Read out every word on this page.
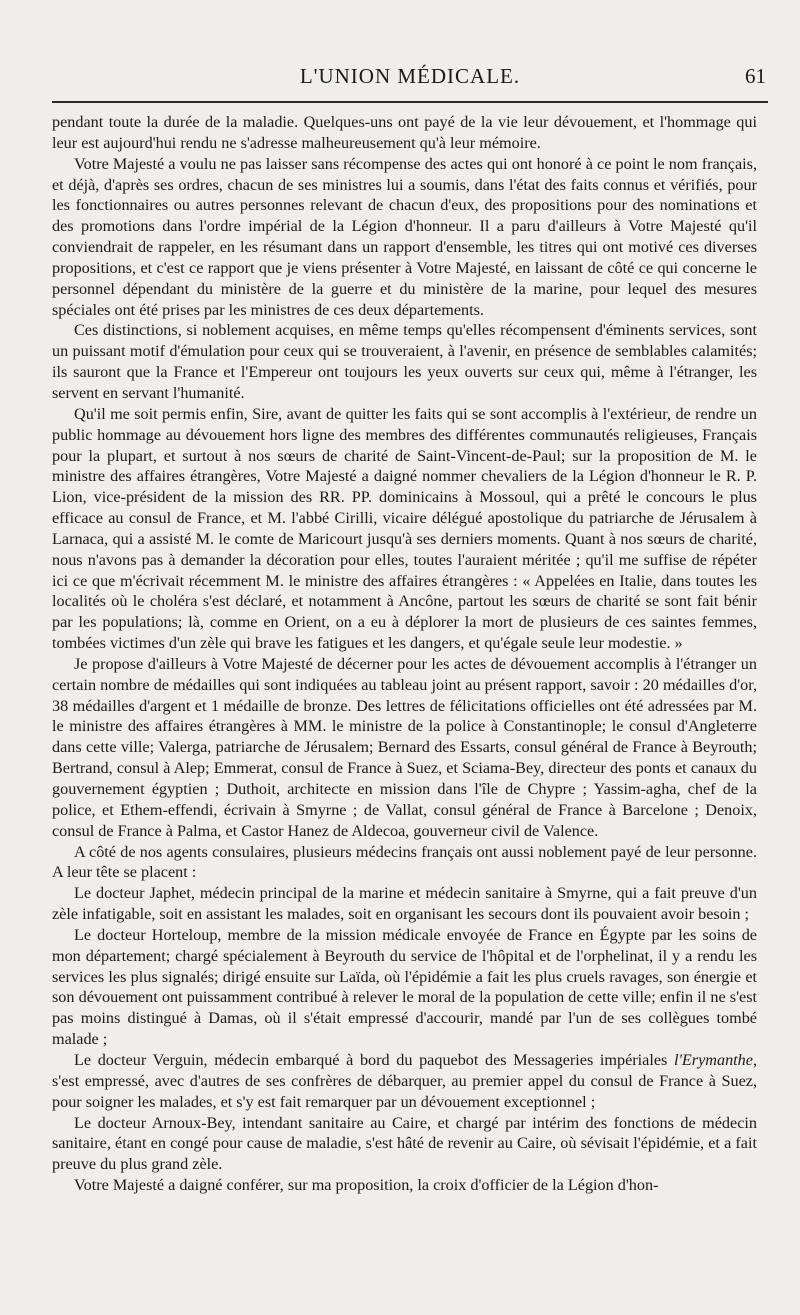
L'UNION MÉDICALE.	61

pendant toute la durée de la maladie. Quelques-uns ont payé de la vie leur dévouement, et l'hommage qui leur est aujourd'hui rendu ne s'adresse malheureusement qu'à leur mémoire.

Votre Majesté a voulu ne pas laisser sans récompense des actes qui ont honoré à ce point le nom français, et déjà, d'après ses ordres, chacun de ses ministres lui a soumis, dans l'état des faits connus et vérifiés, pour les fonctionnaires ou autres personnes relevant de chacun d'eux, des propositions pour des nominations et des promotions dans l'ordre impérial de la Légion d'honneur. Il a paru d'ailleurs à Votre Majesté qu'il conviendrait de rappeler, en les résumant dans un rapport d'ensemble, les titres qui ont motivé ces diverses propositions, et c'est ce rapport que je viens présenter à Votre Majesté, en laissant de côté ce qui concerne le personnel dépendant du ministère de la guerre et du ministère de la marine, pour lequel des mesures spéciales ont été prises par les ministres de ces deux départements.

Ces distinctions, si noblement acquises, en même temps qu'elles récompensent d'éminents services, sont un puissant motif d'émulation pour ceux qui se trouveraient, à l'avenir, en présence de semblables calamités; ils sauront que la France et l'Empereur ont toujours les yeux ouverts sur ceux qui, même à l'étranger, les servent en servant l'humanité.

Qu'il me soit permis enfin, Sire, avant de quitter les faits qui se sont accomplis à l'extérieur, de rendre un public hommage au dévouement hors ligne des membres des différentes communautés religieuses, Français pour la plupart, et surtout à nos sœurs de charité de Saint-Vincent-de-Paul; sur la proposition de M. le ministre des affaires étrangères, Votre Majesté a daigné nommer chevaliers de la Légion d'honneur le R. P. Lion, vice-président de la mission des RR. PP. dominicains à Mossoul, qui a prêté le concours le plus efficace au consul de France, et M. l'abbé Cirilli, vicaire délégué apostolique du patriarche de Jérusalem à Larnaca, qui a assisté M. le comte de Maricourt jusqu'à ses derniers moments. Quant à nos sœurs de charité, nous n'avons pas à demander la décoration pour elles, toutes l'auraient méritée ; qu'il me suffise de répéter ici ce que m'écrivait récemment M. le ministre des affaires étrangères : « Appelées en Italie, dans toutes les localités où le choléra s'est déclaré, et notamment à Ancône, partout les sœurs de charité se sont fait bénir par les populations; là, comme en Orient, on a eu à déplorer la mort de plusieurs de ces saintes femmes, tombées victimes d'un zèle qui brave les fatigues et les dangers, et qu'égale seule leur modestie. »

Je propose d'ailleurs à Votre Majesté de décerner pour les actes de dévouement accomplis à l'étranger un certain nombre de médailles qui sont indiquées au tableau joint au présent rapport, savoir : 20 médailles d'or, 38 médailles d'argent et 1 médaille de bronze. Des lettres de félicitations officielles ont été adressées par M. le ministre des affaires étrangères à MM. le ministre de la police à Constantinople; le consul d'Angleterre dans cette ville; Valerga, patriarche de Jérusalem; Bernard des Essarts, consul général de France à Beyrouth; Bertrand, consul à Alep; Emmerat, consul de France à Suez, et Sciama-Bey, directeur des ponts et canaux du gouvernement égyptien ; Duthoit, architecte en mission dans l'île de Chypre ; Yassim-agha, chef de la police, et Ethem-effendi, écrivain à Smyrne ; de Vallat, consul général de France à Barcelone ; Denoix, consul de France à Palma, et Castor Hanez de Aldecoa, gouverneur civil de Valence.

A côté de nos agents consulaires, plusieurs médecins français ont aussi noblement payé de leur personne. A leur tête se placent :

Le docteur Japhet, médecin principal de la marine et médecin sanitaire à Smyrne, qui a fait preuve d'un zèle infatigable, soit en assistant les malades, soit en organisant les secours dont ils pouvaient avoir besoin ;

Le docteur Horteloup, membre de la mission médicale envoyée de France en Égypte par les soins de mon département; chargé spécialement à Beyrouth du service de l'hôpital et de l'orphelinat, il y a rendu les services les plus signalés; dirigé ensuite sur Laïda, où l'épidémie a fait les plus cruels ravages, son énergie et son dévouement ont puissamment contribué à relever le moral de la population de cette ville; enfin il ne s'est pas moins distingué à Damas, où il s'était empressé d'accourir, mandé par l'un de ses collègues tombé malade ;

Le docteur Verguin, médecin embarqué à bord du paquebot des Messageries impériales l'Erymanthe, s'est empressé, avec d'autres de ses confrères de débarquer, au premier appel du consul de France à Suez, pour soigner les malades, et s'y est fait remarquer par un dévouement exceptionnel ;

Le docteur Arnoux-Bey, intendant sanitaire au Caire, et chargé par intérim des fonctions de médecin sanitaire, étant en congé pour cause de maladie, s'est hâté de revenir au Caire, où sévisait l'épidémie, et a fait preuve du plus grand zèle.

Votre Majesté a daigné conférer, sur ma proposition, la croix d'officier de la Légion d'hon-
